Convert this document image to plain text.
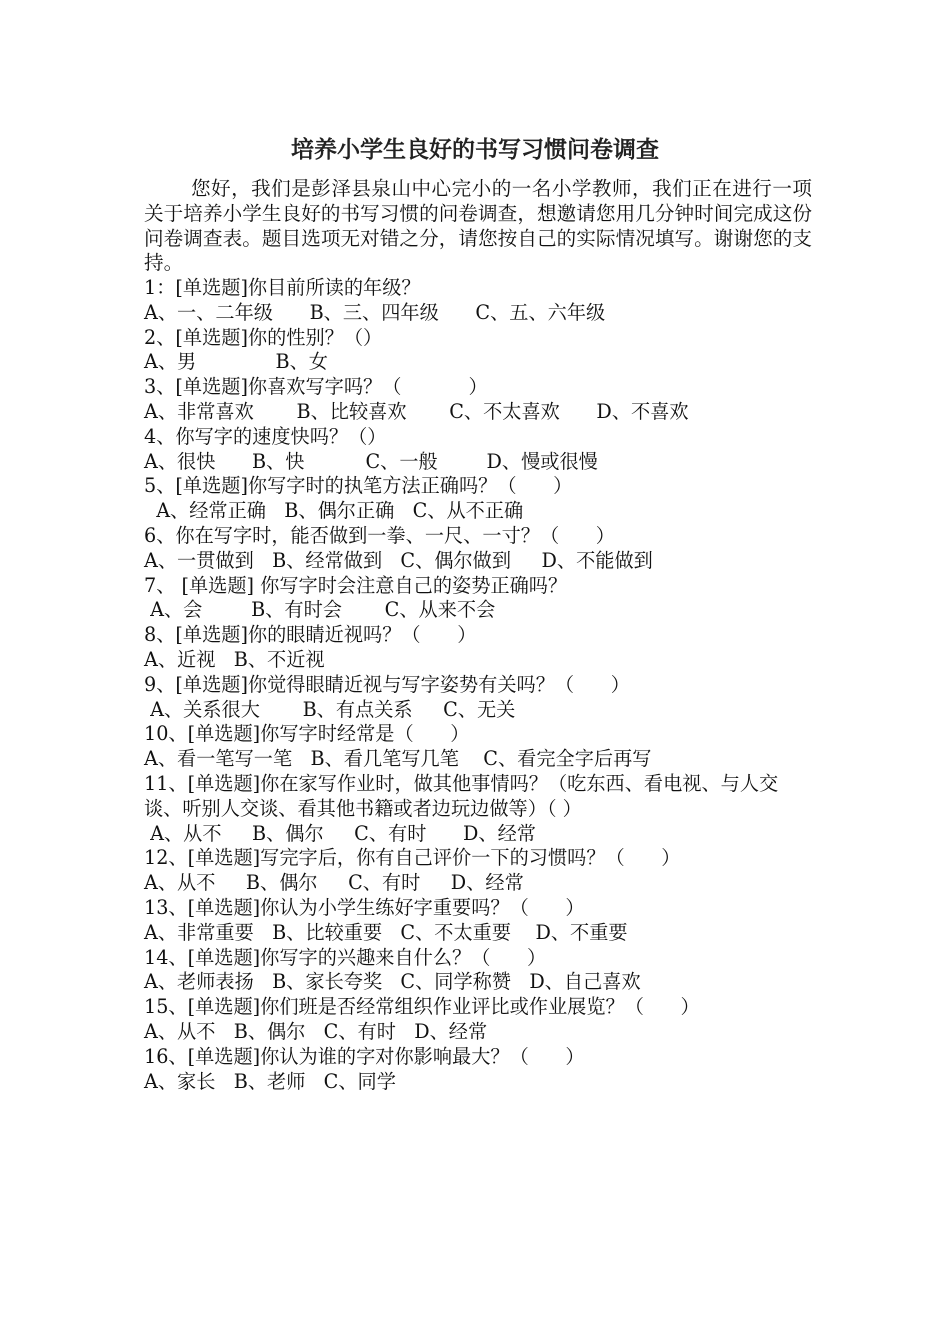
培养小学生良好的书写习惯问卷调查
您好，我们是彭泽县泉山中心完小的一名小学教师，我们正在进行一项关于培养小学生良好的书写习惯的问卷调查，想邀请您用几分钟时间完成这份问卷调查表。题目选项无对错之分，请您按自己的实际情况填写。谢谢您的支持。
1：[单选题]你目前所读的年级？
A、一、二年级      B、三、四年级      C、五、六年级
2、[单选题]你的性别？（）
A、男             B、女
3、[单选题]你喜欢写字吗？（           ）
A、非常喜欢       B、比较喜欢       C、不太喜欢      D、不喜欢
4、你写字的速度快吗？（）
A、很快      B、快          C、一般        D、慢或很慢
5、[单选题]你写字时的执笔方法正确吗？（      ）
A、经常正确   B、偶尔正确   C、从不正确
6、你在写字时，能否做到一拳、一尺、一寸？（      ）
A、一贯做到   B、经常做到   C、偶尔做到     D、不能做到
7、 [单选题] 你写字时会注意自己的姿势正确吗？
A、会        B、有时会       C、从来不会
8、[单选题]你的眼睛近视吗？（      ）
A、近视   B、不近视
9、[单选题]你觉得眼睛近视与写字姿势有关吗？（      ）
A、关系很大       B、有点关系     C、无关
10、[单选题]你写字时经常是（      ）
A、看一笔写一笔   B、看几笔写几笔    C、看完全字后再写
11、[单选题]你在家写作业时，做其他事情吗？（吃东西、看电视、与人交谈、听别人交谈、看其他书籍或者边玩边做等）（ ）
A、从不     B、偶尔     C、有时      D、经常
12、[单选题]写完字后，你有自己评价一下的习惯吗？（      ）
A、从不     B、偶尔     C、有时     D、经常
13、[单选题]你认为小学生练好字重要吗？（      ）
A、非常重要   B、比较重要   C、不太重要    D、不重要
14、[单选题]你写字的兴趣来自什么？（      ）
A、老师表扬   B、家长夸奖   C、同学称赞   D、自己喜欢
15、[单选题]你们班是否经常组织作业评比或作业展览？（      ）
A、从不   B、偶尔   C、有时   D、经常
16、[单选题]你认为谁的字对你影响最大？（      ）
A、家长   B、老师   C、同学
